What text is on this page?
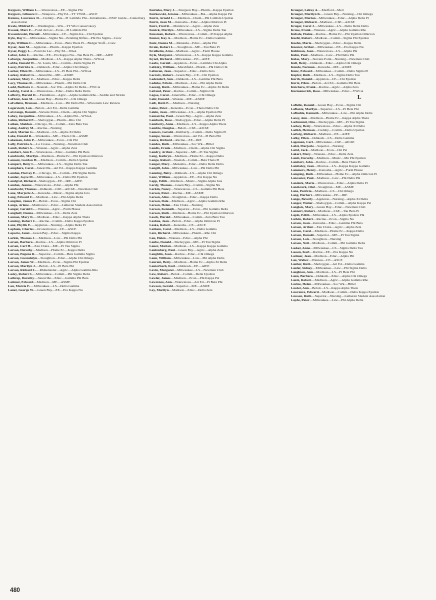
Kuypers, William L.—Wauwatosa—EE—Sigma Phi

Kuypers, Gilmore C.—Waupaca—Phy Ed—TT VWM—ASCE

Kuzma, Lawrence D.—Cudahy—BA—Pi Lambda Phi—Intramurals—NSW Guide—Canterbury Association

Kvale, Mildred E.—Washington—Wis—TT Wis Conservatory

Kwaak, Marc F.—Fond du Lac—Econ—Pi Lambda Phi

Kwasniewski, Harold—Milwaukee—CE—Sigma Ka—Chi Epsilon

Kyle, Ray C.—Milwaukee—Sigma Nu—Pershing Rifles—Phi Eta Sigma—Crew

Kyle, William C.—Milwaukee—Econ—Beta Theta Pi—Badger Staff—Crew

Kyser, Jean M.—Appleton—Pharm—Kappa Epsilon

Kyser, Peggy L.—Fond du Lac—Phy Ed—WAA

Labar, John C.—Racine—EE—Eta Kappa Nu—Tau Beta Pi—IRE—AIEE

Labarge, Jacqueline—Madison—LS—Kappa Alpha Theta—WSGA

Labbe, Donald W.—St. Louis, Mo.—Comm—Delta Sigma Pi

Lacey, Patricia A.—Oshkosh—Educ—Alpha Chi Omega

Lacher, Ellen M.—Milwaukee—LS—Pi Beta Phi—WSGA

Lackey, Robert G.—Janesville—ME—ASME

Lackner, Mary J.—Madison—Educ—Kappa Delta

Lacy, Thomas R.—Milwaukee—Pharm—Phi Delta Chi

Ladd, Barbara J.—Neenah—Soc Wk—Alpha Xi Delta—YWCA

Ladwig, Carol A.—Wauwatosa—Educ—Delta Delta Delta

Lafferty, Harold D.—Fennimore—Agric—Alpha Gamma Rho—Saddle and Sirloin

LaFleur, Jean M.—Green Bay—Home Ec—Chi Omega

LaFollette, Bronson—Madison—Law—Phi Delta Phi—Wisconsin Law Review

Lagerstedt, Lois—Beloit—Art Ed—Delta Gamma

LaGrange, Donald—Stevens Point—Chem—Alpha Chi Sigma

Lahey, Jacqueline—Milwaukee—LS—Alpha Phi—WSGA

Lahm, Richard E.—Sheboygan—Pharm—Rho Chi

Laiken, Sheldon—Chicago, Ill.—Comm—Zeta Beta Tau

Laing, Audrey M.—Racine—Nursing

Laird, Marian G.—Madison—LS—Alpha Xi Delta

Lake, Donald R.—Waukesha—ME—Theta Chi—ASME

Lakeman, John P.—Milwaukee—Econ—Chi Phi

Lally, Patricia A.—La Crosse—Nursing—Newman Club

Lamb, Robert A.—Wausau—Agric—Alpha Zeta

Lambert, Ann E.—Wauwatosa—Educ—Gamma Phi Beta

Lambrecht, Marilyn—Madison—Home Ec—Phi Upsilon Omicron

Lamont, Gordon H.—Madison—Comm—Delta Upsilon

Lampert, Betty L.—Milwaukee—LS—Sigma Delta Tau

Lamphere, Carol—Janesville—Art Ed—Kappa Kappa Gamma

Landau, Harvey E.—Chicago, Ill.—Comm—Phi Sigma Delta

Lander, Joyce M.—Milwaukee—LS—Delta Phi Epsilon

Landgraf, Richard—Sheboygan—EE—IRE—AIEE

Landon, Jeanne—Wauwatosa—Educ—Alpha Phi

Landwehr, Thomas—Oshkosh—ChE—AIChE—Newman Club

Lane, Marjorie A.—Kenosha—Music—Sigma Alpha Iota

Lang, Edward F.—Madison—Law—Phi Alpha Delta

Langdon, James P.—Beloit—Econ—Sigma Chi

Lange, Arlene—Manitowoc—Educ—Lutheran Student Association

Langer, Gerald L.—Wausau—Agric—Farm House

Langhoff, Donna—Milwaukee—LS—Delta Zeta

Lannon, Mary K.—Madison—Educ—Kappa Alpha Theta

Lansing, Robert C.—Racine—Comm—Delta Kappa Epsilon

Lanz, Phyllis E.—Appleton—Nursing—Alpha Delta Pi

Lapham, Charles—Oconomowoc—CE—ASCE

Laporte, Janet—Green Bay—Educ—Sigma Kappa

Larkin, Thomas J.—Madison—Law—Phi Delta Phi

Larsen, Barbara—Racine—LS—Alpha Omicron Pi

Larsen, Carl H.—Eau Claire—ME—Pi Tau Sigma

Larson, Dorothy—Madison—Home Ec—Kappa Delta

Larson, Eugene R.—Superior—Comm—Beta Gamma Sigma

Larson, Gwendolyn—Stoughton—Educ—Alpha Chi Omega

Larson, James W.—Madison—Econ—Sigma Phi Epsilon

Larson, Marilyn J.—Beloit—LS—Pi Beta Phi

Larson, Richard L.—Rhinelander—Agric—Alpha Gamma Rho

Lasky, Robert S.—Milwaukee—Comm—Phi Sigma Delta

Lathrop, Dorothy—Janesville—Educ—Gamma Phi Beta

Latimer, Edward—Madison—ME—ASME

Lau, Marcia E.—Milwaukee—LS—Delta Gamma

Lauer, George W.—Green Bay—EE—Eta Kappa Nu

Kuriaka, Mary J.—Sturgeon Bay—Pharm—Kappa Epsilon

Kurkowski, Jerome—Milwaukee—BA—Alpha Kappa Psi

Kurtz, Arnold L.—Madison—Chem—Phi Lambda Upsilon

Kurtz, Joan M.—Kenosha—Educ—Alpha Omicron Pi

Kurz, Fred R.—Manitowoc—Agric—Alpha Zeta

Kusick, Marilyn—Milwaukee—LS—Sigma Delta Tau

Kussman, Robert—Wauwatosa—Comm—Pi Kappa Alpha

Kuster, Kay A.—Madison—Home Ec—Delta Gamma

Kutz, Donna M.—Menasha—Educ—Alpha Phi

Kvale, Robert L.—Stoughton—ME—Tau Beta Pi

Kvalheim, Arne—Madison—Agric—Farm House

Kyle, Margaret—Wauwatosa—LS—Kappa Kappa Gamma

Kyncl, Richard—Milwaukee—EE—AIEE

Laabs, Gerald—Appleton—Econ—Lambda Chi Alpha

Labisky, William—Marshfield—Pharm—Phi Delta Chi

Labuzan, Jean—Superior—Educ—Delta Zeta

Lacroix, Robert—Green Bay—CE—Chi Epsilon

Ladendorf, Ann—Oshkosh—LS—Gamma Phi Beta

Laduke, Edwin—Madison—Law—Phi Alpha Delta

Laessig, Ruth—Milwaukee—Home Ec—Alpha Xi Delta

LaFond, Peter—Racine—Comm—Sigma Chi

Lagoo, Carol—Janesville—Educ—Chi Omega

Lahr, Donald—Wausau—ME—ASME

Laib, Ruth E.—Madison—Nursing

Laine, Peter—Kenosha—Econ—Theta Delta Chi

Lakin, Joan—Milwaukee—LS—Alpha Epsilon Phi

Lamarche, Paul—Green Bay—Agric—Alpha Zeta

Lambeck, Rose—Sheboygan—Educ—Alpha Delta Pi

Lamberty, Anne—Madison—LS—Kappa Alpha Theta

Lambie, Douglas—Beloit—ChE—AIChE

Lamers, Gerald—Kimberly—Comm—Delta Sigma Pi

Lampe, Susan—Wauwatosa—Art Ed—Pi Beta Phi

Lance, Richard—Racine—EE—IRE

Landes, Ruth—Milwaukee—Soc Wk—Hillel

Landis, Frank—Madison—Chem—Alpha Chi Sigma

Landry, Arthur—Superior—ME—Pi Tau Sigma

Lang, Kathryn—Madison—Home Ec—Kappa Delta

Lange, Robert—Neenah—Comm—Beta Theta Pi

Langer, Mary—Menasha—Educ—Delta Delta Delta

Langill, John—Milwaukee—Law—Phi Delta Phi

Lanning, Betty—Oshkosh—LS—Alpha Chi Omega

Lanz, William—Appleton—EE—Eta Kappa Nu

Lapp, Edith—Madison—Music—Sigma Alpha Iota

Lardy, Thomas—Green Bay—Comm—Sigma Nu

Larkin, Nancy—Wauwatosa—LS—Gamma Phi Beta

Larsen, Peter—Racine—ME—ASME

Larson, Alice—Stoughton—Educ—Kappa Delta

Larson, Dale—Madison—Agric—Alpha Gamma Rho

Larson, Helen—Eau Claire—Nursing

Larson, Kenneth—Superior—Econ—Phi Gamma Delta

Larson, Ruth—Madison—Home Ec—Phi Upsilon Omicron

Lasch, Harold—Milwaukee—Comm—Zeta Beta Tau

Lashua, Jean—Beloit—Educ—Alpha Omicron Pi

Laska, Robert—Kenosha—CE—ASCE

Latham, Carol—Madison—LS—Delta Gamma

Latz, Richard—Milwaukee—Pharm—Rho Chi

Lau, Helen—Wausau—Educ—Alpha Phi

Laube, Donald—Sheboygan—ME—Pi Tau Sigma

Lauer, Marian—Madison—LS—Kappa Kappa Gamma

Laufenberg, Paul—Green Bay—Agric—Alpha Zeta

Laughlin, Joan—Racine—Educ—Chi Omega

Laun, William—Milwaukee—Law—Phi Alpha Delta

Laurent, Betty—Madison—Home Ec—Alpha Xi Delta

Lauterbach, Karl—Oshkosh—EE—AIEE

Lavin, Margaret—Milwaukee—LS—Newman Club

Law, Robert—Beloit—Comm—Delta Upsilon

Lawler, James—Madison—Econ—Phi Kappa Psi

Lawrence, Ann—Wauwatosa—Art Ed—Pi Beta Phi

Lawson, Gerald—Superior—ME—ASME

Lay, Marilyn—Madison—Educ—Delta Zeta

Krueger, LeRoy A.—Medford—Med

Krueger, Marilyn K.—Green Bay—Nursing—Chi Omega

Krueger, Marion—Milwaukee—Educ—Alpha Delta Pi

Krueger, Richard—Madison—ChE—AIChE

Kruger, Carol J.—Milwaukee—LS—Delta Delta Delta

Kruse, Frank—Wausau—Agric—Alpha Gamma Rho

Kubale, Elaine—Racine—Home Ec—Phi Upsilon Omicron

Kuehl, Robert—Madison—Comm—Sigma Phi Epsilon

Kuehn, Marie—Sheboygan—Educ—Kappa Delta

Kuester, Arthur—Milwaukee—EE—Eta Kappa Nu

Kuhlman, Joan—Wauwatosa—LS—Alpha Phi

Kuhn, Paul—Madison—Law—Phi Delta Phi

Kulas, Mary—Stevens Point—Nursing—Newman Club

Kull, Betty—Oshkosh—Educ—Alpha Chi Omega

Kunde, Norman—Kenosha—ME—ASME

Kunz, Edward—Milwaukee—Comm—Delta Sigma Pi

Kupfer, Ruth—Madison—LS—Sigma Delta Tau

Kurth, Donald—Appleton—CE—Chi Epsilon

Kurtz, Ellen—Beloit—Art Ed—Gamma Phi Beta

Kutchera, Frank—Racine—Agric—Alpha Zeta

Kuzmanovich, Rose—Milwaukee—Educ—YWCA

L

LaBelle, Ronald—Green Bay—Econ—Sigma Chi

LaBonte, Marilyn—Superior—LS—Pi Beta Phi

LaBudde, Kenneth—Milwaukee—Law—Phi Alpha Delta

Lacey, Ann—Madison—Home Ec—Kappa Alpha Theta

Lachmund, Otto—Sheboygan—ME—Pi Tau Sigma

Lackey, Betty—Wauwatosa—Educ—Alpha Xi Delta

Ladish, Herman—Cudahy—Comm—Delta Upsilon

Ladwig, Richard—Madison—EE—AIEE

Lafky, Ellen—Oshkosh—LS—Delta Gamma

Lageman, Carl—Milwaukee—ChE—AIChE

Lahti, Marjorie—Superior—Nursing

Laird, Jack—Madison—Econ—Chi Psi

Lakari, Mary—Wausau—Educ—Delta Zeta

Lamb, Dorothy—Madison—Music—Mu Phi Epsilon

Lambert, John—Racine—Comm—Beta Theta Pi

Lamboley, Joan—Monroe—LS—Kappa Kappa Gamma

Lammers, Henry—Kenosha—Agric—Farm House

Lamping, Ruth—Milwaukee—Home Ec—Alpha Omicron Pi

Lancaster, Paul—Madison—Law—Phi Delta Phi

Landeck, Marie—Wauwatosa—Educ—Alpha Delta Pi

Landsverk, Olaf—Stoughton—ME—ASME

Lane, Patricia—Madison—LS—Chi Omega

Lang, Herbert—Milwaukee—EE—IRE

Lange, Beverly—Appleton—Nursing—Alpha Xi Delta

Langer, Walter—Sheboygan—Comm—Alpha Kappa Psi

Langlois, Mary—Green Bay—Educ—Newman Club

Lannert, Robert—Madison—ChE—Tau Beta Pi

Lapin, Edith—Milwaukee—LS—Alpha Epsilon Phi

Larkin, Robert—Racine—Econ—Sigma Nu

Larsen, Joan—Kenosha—Educ—Gamma Phi Beta

Larson, Arthur—Eau Claire—Agric—Alpha Zeta

Larson, Carol—Madison—Home Ec—Kappa Delta

Larson, Donald—Superior—ME—Pi Tau Sigma

Larson, Lois—Stoughton—Nursing

Larson, Neil—Madison—Comm—Phi Gamma Delta

Lasker, Anne—Milwaukee—LS—Sigma Delta Tau

Lassen, Karl—Racine—EE—Eta Kappa Nu

Latimer, Jean—Madison—Educ—Alpha Phi

Lau, Walter—Wausau—CE—ASCE

Lauber, Ruth—Sheboygan—Art Ed—Delta Gamma

Laufer, Sidney—Milwaukee—Law—Phi Sigma Delta

Laughton, Ann—Madison—LS—Pi Beta Phi

Laun, Barbara—Oshkosh—Educ—Alpha Chi Omega

Lautz, Robert—Madison—Agric—Alpha Gamma Rho

Lavine, Helen—Milwaukee—Soc Wk—Hillel

Lawler, Ann—Beloit—LS—Kappa Alpha Theta

Lawrence, Edward—Madison—Comm—Delta Kappa Epsilon

Lawson, Ruth—Superior—Nursing—Lutheran Student Association

Layde, Peter—Milwaukee—Law—Phi Alpha Delta

480
